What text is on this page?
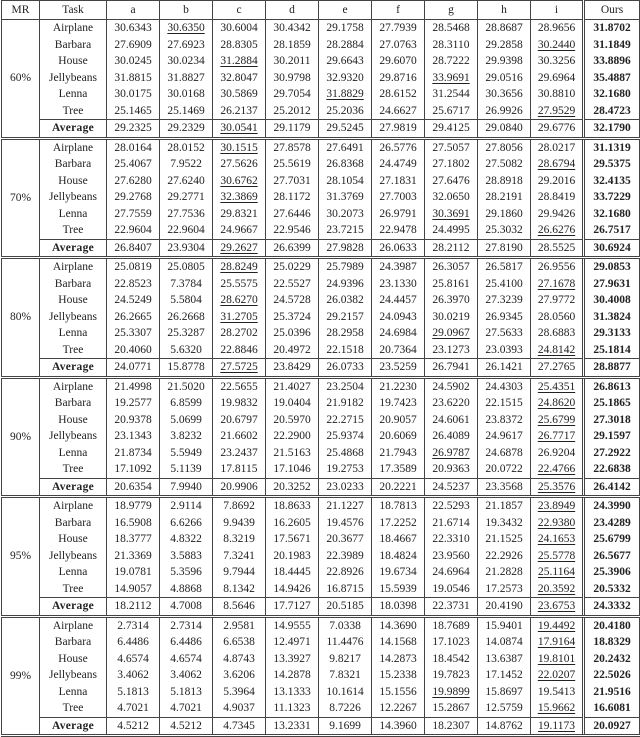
MR	Task	a	b	c	d	e	f	g	h	i	Ours
60%	Airplane	30.6343	30.6350	30.6004	30.4342	29.1758	27.7939	28.5468	28.8687	28.9656	31.8702
	Barbara	27.6909	27.6923	28.8305	28.1859	28.2884	27.0763	28.3110	29.2858	30.2440	31.1849
	House	30.0245	30.0234	31.2884	30.2011	29.6643	29.6070	28.7222	29.9398	30.3256	33.8896
	Jellybeans	31.8815	31.8827	32.8047	30.9798	32.9320	29.8716	33.9691	29.0516	29.6964	35.4887
	Lenna	30.0175	30.0168	30.5869	29.7054	31.8829	28.6152	31.2544	30.3656	30.8810	32.1680
	Tree	25.1465	25.1469	26.2137	25.2012	25.2036	24.6627	25.6717	26.9926	27.9529	28.4723
	Average	29.2325	29.2329	30.0541	29.1179	29.5245	27.9819	29.4125	29.0840	29.6776	32.1790
70%	Airplane	28.0164	28.0152	30.1515	27.8578	27.6491	26.5776	27.5057	27.8056	28.0217	31.1319
	Barbara	25.4067	7.9522	27.5626	25.5619	26.8368	24.4749	27.1802	27.5082	28.6794	29.5375
	House	27.6280	27.6240	30.6762	27.7031	28.1054	27.1831	27.6476	28.8918	29.2016	32.4135
	Jellybeans	29.2768	29.2771	32.3869	28.1172	31.3769	27.7003	32.0650	28.2191	28.8419	33.7229
	Lenna	27.7559	27.7536	29.8321	27.6446	30.2073	26.9791	30.3691	29.1860	29.9426	32.1680
	Tree	22.9604	22.9604	24.9667	22.9546	23.7215	22.9478	24.4995	25.3032	26.6276	26.7517
	Average	26.8407	23.9304	29.2627	26.6399	27.9828	26.0633	28.2112	27.8190	28.5525	30.6924
80%	Airplane	25.0819	25.0805	28.8249	25.0229	25.7989	24.3987	26.3057	26.5817	26.9556	29.0853
	Barbara	22.8523	7.3784	25.5575	22.5527	24.9396	23.1330	25.8161	25.4100	27.1678	27.9631
	House	24.5249	5.5804	28.6270	24.5728	26.0382	24.4457	26.3970	27.3239	27.9772	30.4008
	Jellybeans	26.2665	26.2668	31.2705	25.3724	29.2157	24.0943	30.0219	26.9345	28.0560	31.3824
	Lenna	25.3307	25.3287	28.2702	25.0396	28.2958	24.6984	29.0967	27.5633	28.6883	29.3133
	Tree	20.4060	5.6320	22.8846	20.4972	22.1518	20.7364	23.1273	23.0393	24.8142	25.1814
	Average	24.0771	15.8778	27.5725	23.8429	26.0733	23.5259	26.7941	26.1421	27.2765	28.8877
90%	Airplane	21.4998	21.5020	22.5655	21.4027	23.2504	21.2230	24.5902	24.4303	25.4351	26.8613
	Barbara	19.2577	6.8599	19.9832	19.0404	21.9182	19.7423	23.6220	22.1515	24.8620	25.1865
	House	20.9378	5.0699	20.6797	20.5970	22.2715	20.9057	24.6061	23.8372	25.6799	27.3018
	Jellybeans	23.1343	3.8232	21.6602	22.2900	25.9374	20.6069	26.4089	24.9617	26.7717	29.1597
	Lenna	21.8734	5.5949	23.2437	21.5163	25.4868	21.7943	26.9787	24.6878	26.9204	27.2922
	Tree	17.1092	5.1139	17.8115	17.1046	19.2753	17.3589	20.9363	20.0722	22.4766	22.6838
	Average	20.6354	7.9940	20.9906	20.3252	23.0233	20.2221	24.5237	23.3568	25.3576	26.4142
95%	Airplane	18.9779	2.9114	7.8692	18.8633	21.1227	18.7813	22.5293	21.1857	23.8949	24.3990
	Barbara	16.5908	6.6266	9.9439	16.2605	19.4576	17.2252	21.6714	19.3432	22.9380	23.4289
	House	18.3777	4.8322	8.3219	17.5671	20.3677	18.4667	22.3310	21.1525	24.1653	25.6799
	Jellybeans	21.3369	3.5883	7.3241	20.1983	22.3989	18.4824	23.9560	22.2926	25.5778	26.5677
	Lenna	19.0781	5.3596	9.7944	18.4445	22.8926	19.6734	24.6964	21.2828	25.1164	25.3906
	Tree	14.9057	4.8868	8.1342	14.9426	16.8715	15.5939	19.0546	17.2573	20.3592	20.5332
	Average	18.2112	4.7008	8.5646	17.7127	20.5185	18.0398	22.3731	20.4190	23.6753	24.3332
99%	Airplane	2.7314	2.7314	2.9581	14.9555	7.0338	14.3690	18.7689	15.9401	19.4492	20.4180
	Barbara	6.4486	6.4486	6.6538	12.4971	11.4476	14.1568	17.1023	14.0874	17.9164	18.8329
	House	4.6574	4.6574	4.8743	13.3927	9.8217	14.2873	18.4542	13.6387	19.8101	20.2432
	Jellybeans	3.4062	3.4062	3.6206	14.2878	7.8321	15.2338	19.7823	17.1452	22.0207	22.5026
	Lenna	5.1813	5.1813	5.3964	13.1333	10.1614	15.1556	19.9899	15.8697	19.5413	21.9516
	Tree	4.7021	4.7021	4.9037	11.1323	8.7226	12.2267	15.2867	12.5759	15.9662	16.6081
	Average	4.5212	4.5212	4.7345	13.2331	9.1699	14.3960	18.2307	14.8762	19.1173	20.0927
